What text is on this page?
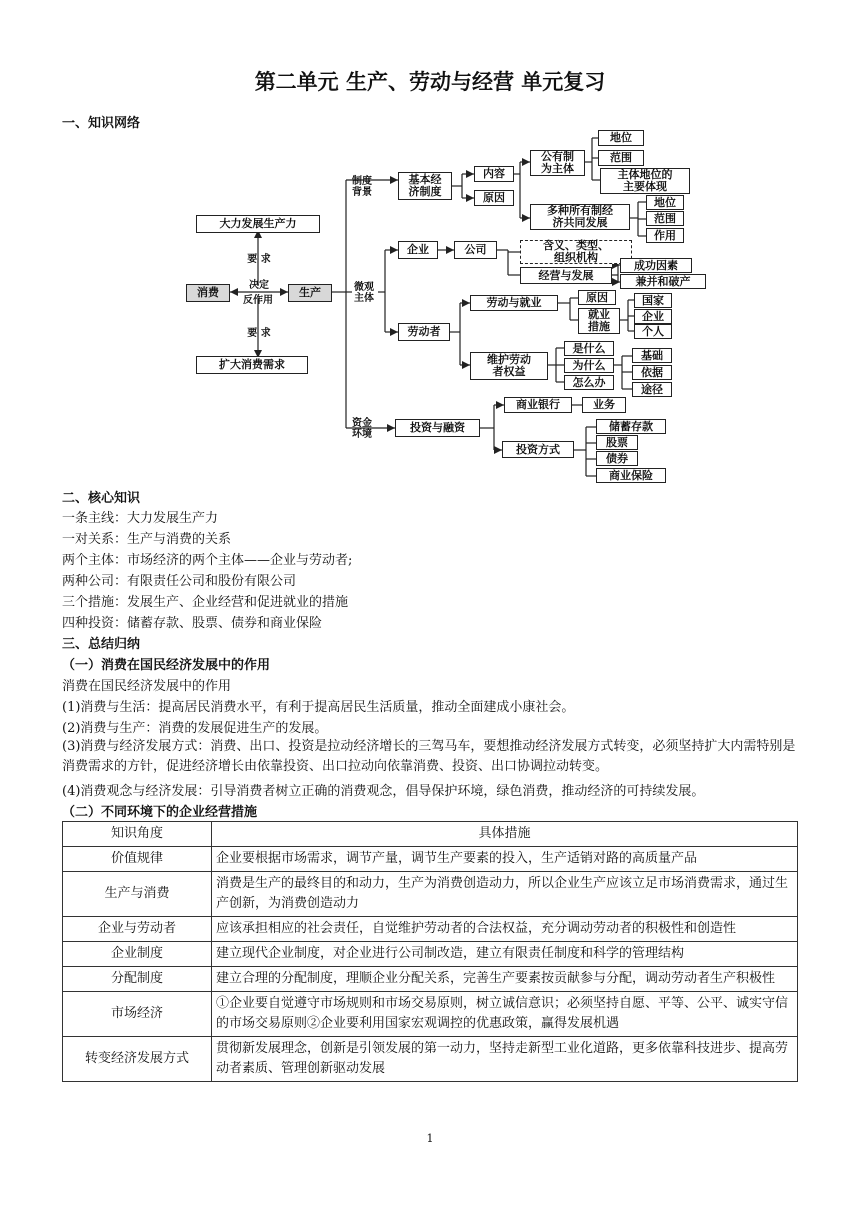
第二单元 生产、劳动与经营 单元复习
一、知识网络
大力发展生产力
要 求
决定
反作用
消费	生产
要 求
扩大消费需求
制度
背景
微观
主体
资金
环境
基本经
济制度
内容
原因
公有制
为主体
多种所有制经
济共同发展
地位
范围
主体地位的
主要体现
地位
范围
作用
企业	公司	含义、类型、
组织机构
经营与发展
成功因素
兼并和破产
劳动者
劳动与就业	原因
就业
措施
国家
企业
个人
维护劳动
者权益
是什么
为什么
怎么办
基础
依据
途径
投资与融资
商业银行	业务
投资方式
储蓄存款
股票
债券
商业保险
二、核心知识
一条主线：大力发展生产力
一对关系：生产与消费的关系
两个主体：市场经济的两个主体——企业与劳动者;
两种公司：有限责任公司和股份有限公司
三个措施：发展生产、企业经营和促进就业的措施
四种投资：储蓄存款、股票、债券和商业保险
三、总结归纳
（一）消费在国民经济发展中的作用
消费在国民经济发展中的作用
(1)消费与生活：提高居民消费水平，有利于提高居民生活质量，推动全面建成小康社会。
(2)消费与生产：消费的发展促进生产的发展。
(3)消费与经济发展方式：消费、出口、投资是拉动经济增长的三驾马车，要想推动经济发展方式转变，必须坚持扩大内需特别是消费需求的方针，促进经济增长由依靠投资、出口拉动向依靠消费、投资、出口协调拉动转变。
(4)消费观念与经济发展：引导消费者树立正确的消费观念，倡导保护环境，绿色消费，推动经济的可持续发展。
（二）不同环境下的企业经营措施
知识角度	具体措施
价值规律	企业要根据市场需求，调节产量，调节生产要素的投入，生产适销对路的高质量产品
生产与消费	消费是生产的最终目的和动力，生产为消费创造动力，所以企业生产应该立足市场消费需求，通过生产创新，为消费创造动力
企业与劳动者	应该承担相应的社会责任，自觉维护劳动者的合法权益，充分调动劳动者的积极性和创造性
企业制度	建立现代企业制度，对企业进行公司制改造，建立有限责任制度和科学的管理结构
分配制度	建立合理的分配制度，理顺企业分配关系，完善生产要素按贡献参与分配，调动劳动者生产积极性
市场经济	①企业要自觉遵守市场规则和市场交易原则，树立诚信意识；必须坚持自愿、平等、公平、诚实守信的市场交易原则②企业要利用国家宏观调控的优惠政策，赢得发展机遇
转变经济发展方式	贯彻新发展理念，创新是引领发展的第一动力，坚持走新型工业化道路，更多依靠科技进步、提高劳动者素质、管理创新驱动发展
1
